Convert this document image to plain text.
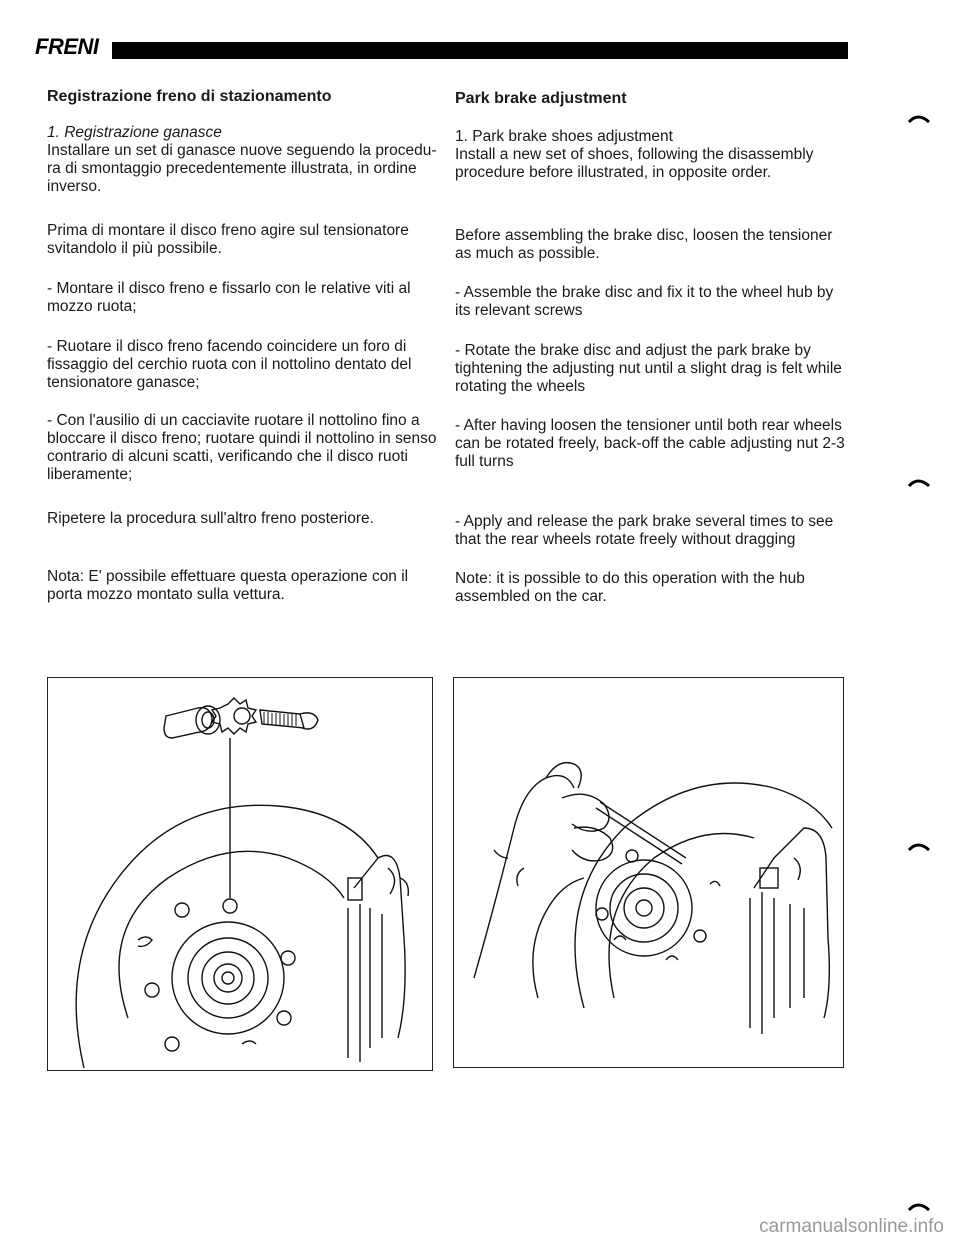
FRENI
Registrazione freno di stazionamento
1. Registrazione ganasce
Installare un set di ganasce nuove seguendo la procedu-ra di smontaggio precedentemente illustrata, in ordine inverso.
Prima di montare il disco freno agire sul tensionatore svitandolo il più possibile.
- Montare il disco freno e fissarlo con le relative viti al mozzo ruota;
- Ruotare il disco freno facendo coincidere un foro di fissaggio del cerchio ruota con il nottolino dentato del tensionatore ganasce;
- Con l'ausilio di un cacciavite ruotare il nottolino fino a bloccare il disco freno; ruotare quindi il nottolino in senso contrario di alcuni scatti, verificando che il disco ruoti liberamente;
Ripetere la procedura sull'altro freno posteriore.
Nota: E' possibile effettuare questa operazione con il porta mozzo montato sulla vettura.
Park brake adjustment
1. Park brake shoes adjustment
Install a new set of shoes, following the disassembly procedure before illustrated, in opposite order.
Before assembling the brake disc, loosen the tensioner as much as possible.
- Assemble the brake disc and fix it to the wheel hub by its relevant screws
- Rotate the brake disc and adjust the park brake by tightening the adjusting nut until a slight drag is felt while rotating the wheels
- After having loosen the tensioner until both rear wheels can be rotated freely, back-off the cable adjusting nut 2-3 full turns
- Apply and release the park brake several times to see that the rear wheels rotate freely without dragging
Note: it is possible to do this operation with the hub assembled on the car.
carmanualsonline.info
